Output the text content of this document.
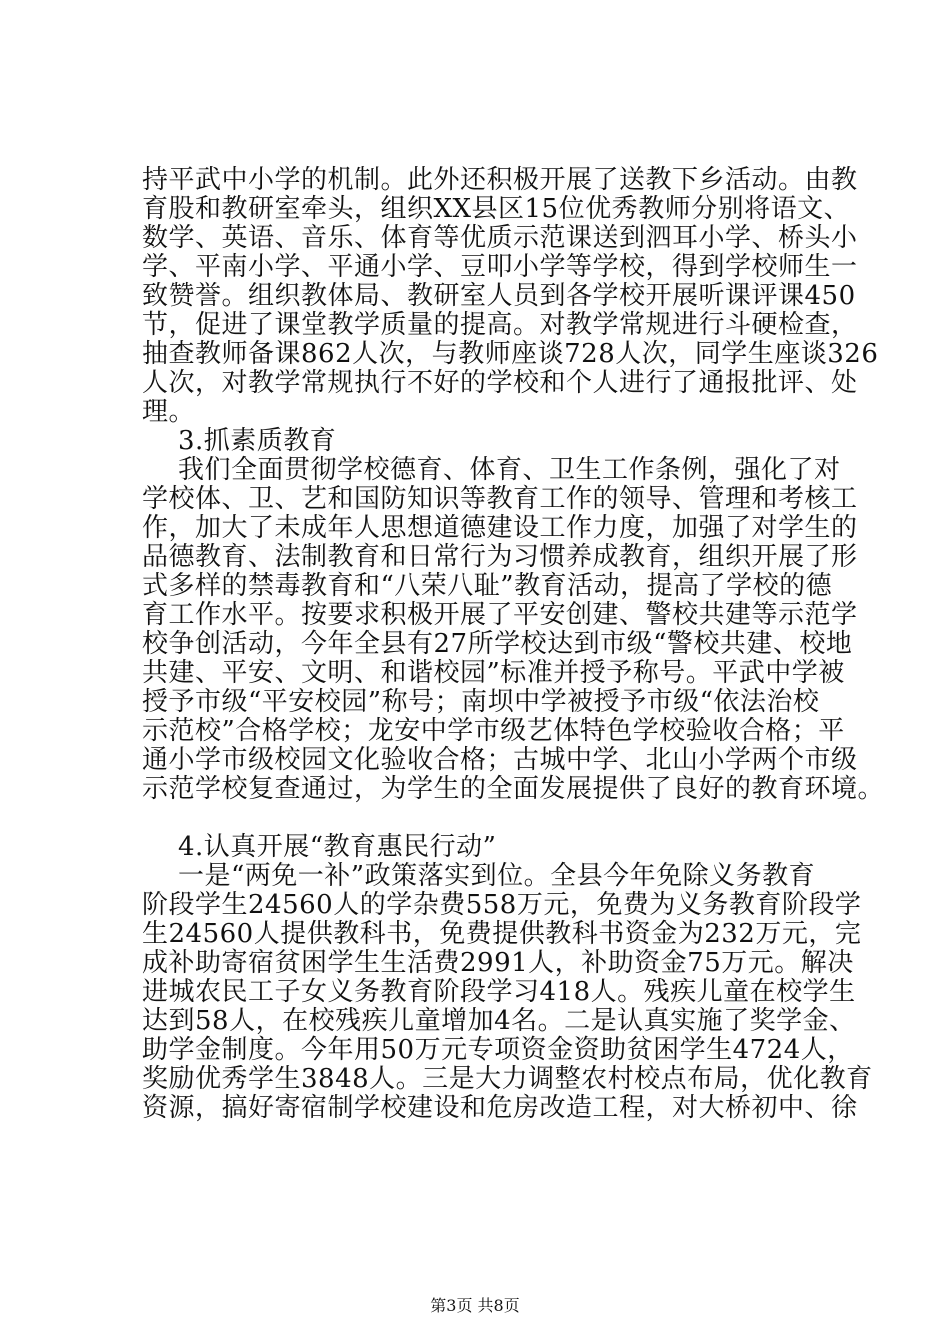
持平武中小学的机制。此外还积极开展了送教下乡活动。由教
育股和教研室牵头，组织XX县区15位优秀教师分别将语文、
数学、英语、音乐、体育等优质示范课送到泗耳小学、桥头小
学、平南小学、平通小学、豆叩小学等学校，得到学校师生一
致赞誉。组织教体局、教研室人员到各学校开展听课评课450
节，促进了课堂教学质量的提高。对教学常规进行斗硬检查，
抽查教师备课862人次，与教师座谈728人次，同学生座谈326
人次，对教学常规执行不好的学校和个人进行了通报批评、处
理。
3.抓素质教育
我们全面贯彻学校德育、体育、卫生工作条例，强化了对
学校体、卫、艺和国防知识等教育工作的领导、管理和考核工
作，加大了未成年人思想道德建设工作力度，加强了对学生的
品德教育、法制教育和日常行为习惯养成教育，组织开展了形
式多样的禁毒教育和“八荣八耻”教育活动，提高了学校的德
育工作水平。按要求积极开展了平安创建、警校共建等示范学
校争创活动，今年全县有27所学校达到市级“警校共建、校地
共建、平安、文明、和谐校园”标准并授予称号。平武中学被
授予市级“平安校园”称号；南坝中学被授予市级“依法治校
示范校”合格学校；龙安中学市级艺体特色学校验收合格；平
通小学市级校园文化验收合格；古城中学、北山小学两个市级
示范学校复查通过，为学生的全面发展提供了良好的教育环境。
4.认真开展“教育惠民行动”
一是“两免一补”政策落实到位。全县今年免除义务教育
阶段学生24560人的学杂费558万元，免费为义务教育阶段学
生24560人提供教科书，免费提供教科书资金为232万元，完
成补助寄宿贫困学生生活费2991人，补助资金75万元。解决
进城农民工子女义务教育阶段学习418人。残疾儿童在校学生
达到58人，在校残疾儿童增加4名。二是认真实施了奖学金、
助学金制度。今年用50万元专项资金资助贫困学生4724人，
奖励优秀学生3848人。三是大力调整农村校点布局，优化教育
资源，搞好寄宿制学校建设和危房改造工程，对大桥初中、徐
第3页 共8页
